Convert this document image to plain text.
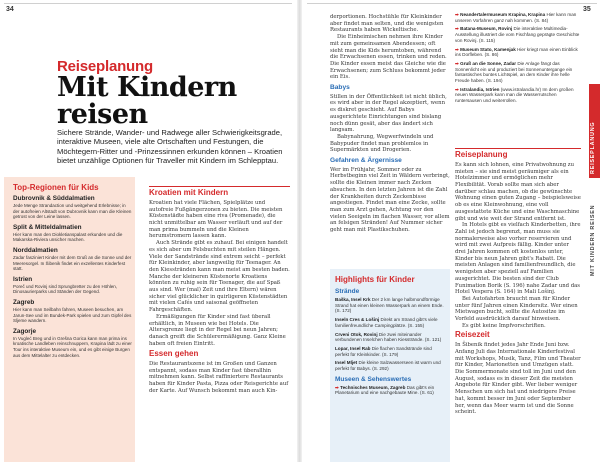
34	35
Reiseplanung
Mit Kindern
reisen
Sichere Strände, Wander- und Radwege aller Schwierigkeitsgrade, interaktive Museen, viele alte Ortschaften und Festungen, die Möchtegern-Ritter und -Prinzessinnen erkunden können – Kroatien bietet unzählige Optionen für Traveller mit Kindern im Schlepptau.
Top-Regionen für Kids
Dubrovnik & Süddalmatien
Jede Menge Strandaction und weitgehend Erlebnisse; in der autofreien Altstadt von Dubrovnik kann man die Kleinen getrost von der Leine lassen.
Split & Mitteldalmatien
Hier kann man den Diokletianspalast erkunden und die Makarska-Riviera unsicher machen.
Norddalmatien
Zadar fasziniert Kinder mit dem Gruß an die Sonne und der Meeresorgel. In Šibenik findet ein exzellentes Kinderfest statt.
Istrien
Poreč und Rovinj sind Sprungbretter zu den Höhlen, Dinosaurierparks und Ständen der Gegend.
Zagreb
Hier kann man Seilbahn fahren, Museen besuchen, am Jarun-See und im Bundek-Park spielen und zum Gipfel des Sljeme wandern.
Zagorje
In Vugleć Breg und in Grešna Gorica kann man prima ins kroatische Landleben reinschnuppern, Krapina lädt zu einer Tour ins interaktive Museum ein, und es gibt einige Burgen aus dem Mittelalter zu entdecken.
Kroatien mit Kindern

Kroatien hat viele Flächen, Spielplätze und autofreie Fußgängerzonen zu bieten. Die meisten Küstenstädte haben eine riva (Promenade), die nicht unmittelbar am Wasser verläuft und auf der man prima bummeln und die Kleinen herumstromern lassen kann.

Auch Strände gibt es zuhauf. Bei einigen handelt es sich aber um Felsbuchten mit steilen Hängen. Viele der Sandstrände sind extrem seicht – perfekt für Kleinkinder, aber langweilig für Teenager. An den Kiesstränden kann man meist am besten baden. Manche der kleineren Küstenorte Kroatiens könnten zu ruhig sein für Teenager, die auf Spaß aus sind. Wer (mal) Zeit und ihre Eltern) wären sicher viel glücklicher in quirligeren Küstenstädten mit vielen Cafés und saisonal geöffneten Fahrgeschäften.

Ermäßigungen für Kinder sind fast überall erhältlich, in Museen wie bei Hotels. Die Altersgrenze liegt in der Regel bei neun Jahren; danach greift die Schülerermäßigung. Ganz Kleine haben oft freien Eintritt.

Essen gehen

Die Restaurantszene ist im Großen und Ganzen entspannt, sodass man Kinder fast überallhin mitnehmen kann. Selbst raffiniertere Restaurants haben für Kinder Pasta, Pizza oder Reisgerichte auf der Karte. Auf Wunsch bekommt man auch Kin-

derportionen. Hochstühle für Kleinkinder aber findet man selten, und die wenigsten Restaurants haben Wickeltische.

Die Einheimischen nehmen ihre Kinder mit zum gemeinsamen Abendessen; oft sieht man die Kids herumtoben, während die Erwachsenen essen, trinken und reden. Die Kinder essen meist das Gleiche wie die Erwachsenen; zum Schluss bekommt jeder ein Eis.

Babys

Stillen in der Öffentlichkeit ist nicht üblich, es wird aber in der Regel akzeptiert, wenn es diskret geschieht. Auf Babys ausgerichtete Einrichtungen sind bislang noch dünn gesät, aber das ändert sich langsam.

Babynahrung, Wegwerfwindeln und Babypuder findet man problemlos in Supermärkten und Drogerien.

Gefahren & Ärgernisse

Wer im Frühjahr, Sommer oder zu Herbstbeginn viel Zeit in Wäldern verbringt, sollte die Kleinen immer nach Zecken absuchen. In den letzten Jahren ist die Zahl der Krankheiten durch Zeckenbisse angestiegen. Findet man eine Zecke, sollte man zum Arzt gehen, Achtung vor den vielen Seeigeln im flachen Wasser, vor allem an felsigen Stränden! Auf Nummer sicher geht man mit Plastikschuhen.

Highlights für Kinder
Strände
Baška, Insel Krk Der 2 km lange halbmondförmige Strand hat einen kleinen Wasserpark an einem Ende. (S. 172)
Inseln Cres & Lošinj Direkt am Strand gibt's viele familienfreundliche Campingplätze. (S. 155)
Crveni Otok, Rovinj Die zwei miteinander verbundenen Inselchen haben Kiesstrände. (S. 121)
Lopar, Insel Rab Die flachen Sandstrände sind perfekt für Kleinkinder. (S. 179)
Insel Mljet Die kleine Salzwasserseen ist warm und perfekt für Babys. (S. 292)
Museen & Sehenswertes
➡ Technisches Museum, Zagreb Das gibt's ein Planetarium und eine nachgebaute Mine. (S. 61)
➡ Neandertalermuseum Krapina, Krapina Hier kann man unseren Vorfahren ganz nah kommen. (S. 84)
➡ Batana-Museum, Rovinj Die interaktive Multimedia-Ausstellung illustriert die vom Fischfang geprägte Geschichte von Rovinj. (S. 115)
➡ Museum Stato, Kamenjak Hier kriegt man einen Einblick ins Dorfleben. (S. 86)
➡ Gruß an die Sonne, Zadar Die Anlage fängt das Sonnenlicht ein und produziert bei Sonnenuntergange ein fantastisches buntes Lichtspiel, an dem Kinder ihre helle Freude haben. (S. 194)
➡ Istralandia, Istrien (www.istralandia.hr) Im dem großen neuen Wasserpark kann man die Wasserrutschen runtersausen und weiterrollen.
Reiseplanung

Es kann sich lohnen, eine Privatwohnung zu mieten – sie sind meist geräumiger als ein Hotelzimmer und ermöglichen mehr Flexibilität. Vorab sollte man sich aber darüber schlau machen, ob die gewünschte Wohnung einen guten Zugang – beispielsweise ob es eine Kleinwohnung, eine voll ausgestattete Küche und eine Waschmaschine gibt und wie weit der Strand entfernt ist.

In Hotels gibt es vielfach Kinderbetten, ihre Zahl ist jedoch begrenzt, man muss sie normalerweise also vorher reservieren und wird mit zwei Aufpreis fällig. Kinder unter drei Jahren kommen oft kostenlos unter, Kinder bis neun Jahren gibt's Rabatt. Die meisten Anlagen sind familienfreundlich, die wenigsten aber speziell auf Familien ausgerichtet. Die besten sind der Club Funimation Borik (S. 196) nahe Zadar und das Hotel Vespera (S. 164) in Mali Lošinj.

Bei Autofahrten braucht man für Kinder unter fünf Jahren einen Kindersitz. Wer einen Mietwagen bucht, sollte die Autositze im Vorfeld ausdrücklich darauf hinweisen.

Es gibt keine Impfvorschriften.

Reisezeit

In Šibenik findet jedes Jahr Ende Juni bzw. Anfang Juli das Internationale Kinderfestival mit Workshops, Musik, Tanz, Film und Theater für Kinder, Marionetten und Umzügen statt. Die Sommermonate sind toll im Juni und den August, sodass es in dieser Zeit die meisten Angebote für Kinder gibt. Wer lieber weniger Menschen um sich hat und niedrigere Preise hat, kommt besser im Juni oder September her, wenn das Meer warm ist und die Sonne scheint.

REISEPLANUNG
MIT KINDERN REISEN
